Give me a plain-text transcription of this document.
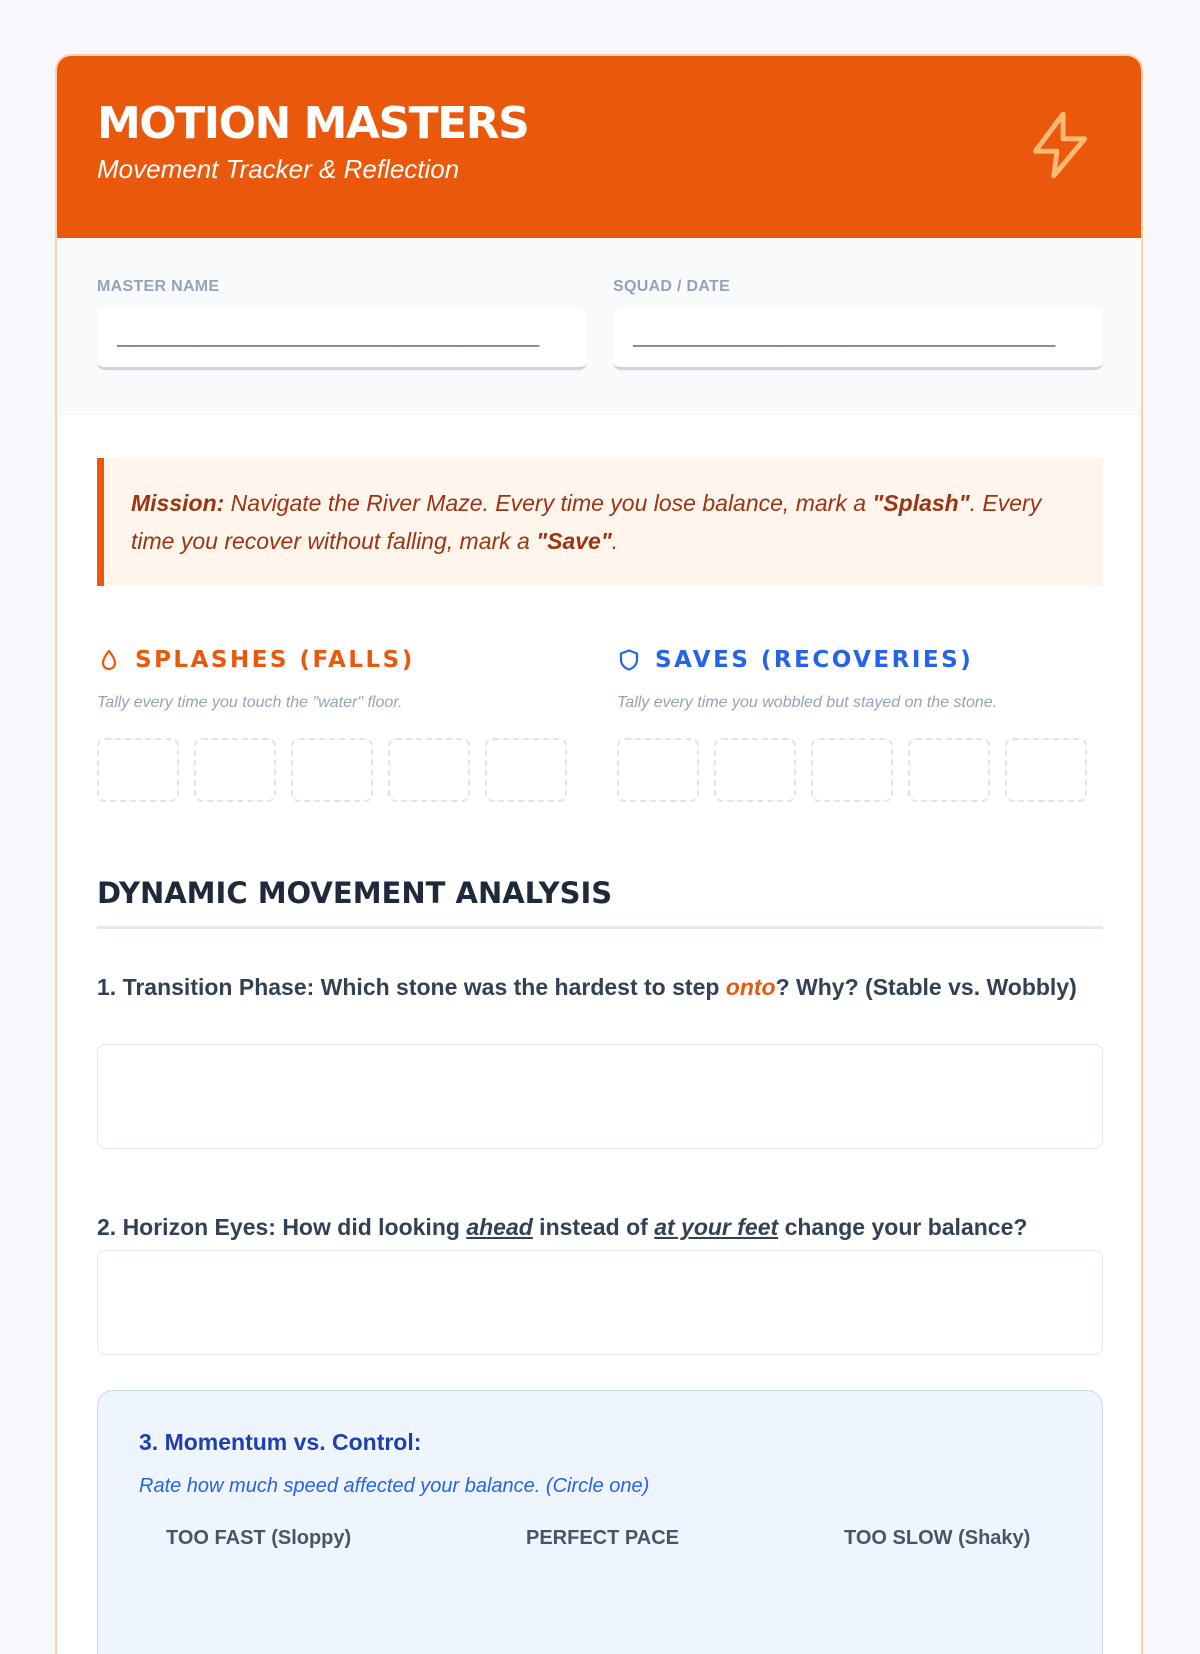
MOTION MASTERS
Movement Tracker & Reflection
MASTER NAME
________________________________
SQUAD / DATE
________________________________
Mission: Navigate the River Maze. Every time you lose balance, mark a "Splash". Every time you recover without falling, mark a "Save".
SPLASHES (FALLS)
Tally every time you touch the "water" floor.
SAVES (RECOVERIES)
Tally every time you wobbled but stayed on the stone.
DYNAMIC MOVEMENT ANALYSIS
1. Transition Phase: Which stone was the hardest to step onto? Why? (Stable vs. Wobbly)
2. Horizon Eyes: How did looking ahead instead of at your feet change your balance?
3. Momentum vs. Control:
Rate how much speed affected your balance. (Circle one)
TOO FAST (Sloppy)	PERFECT PACE	TOO SLOW (Shaky)
